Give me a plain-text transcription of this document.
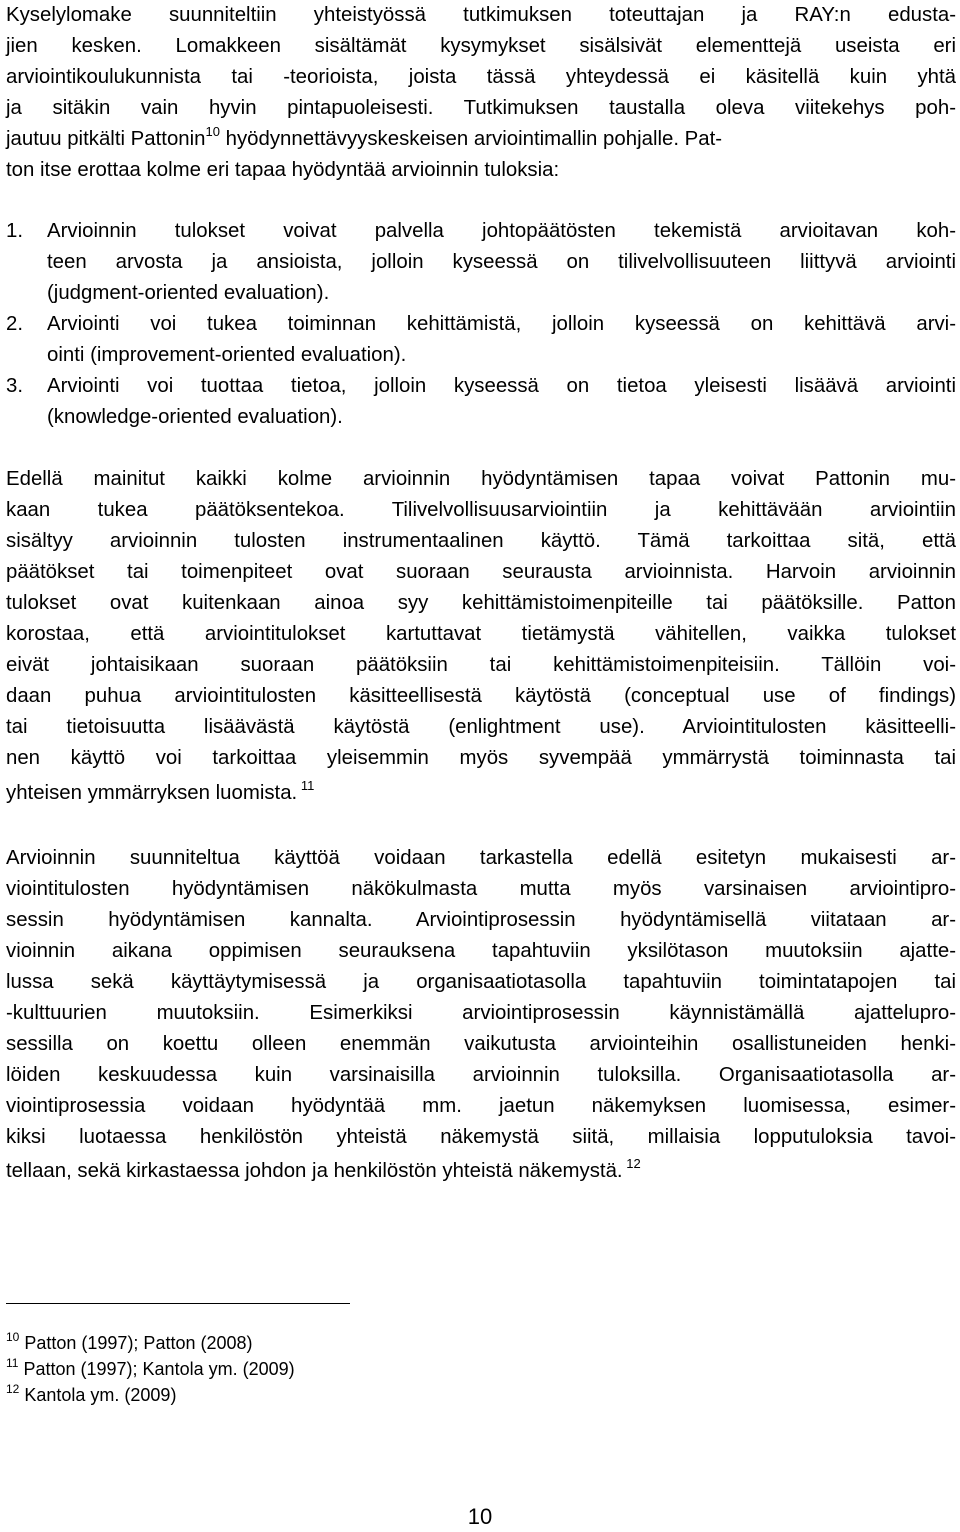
Kyselylomake suunniteltiin yhteistyössä tutkimuksen toteuttajan ja RAY:n edusta-
jien kesken. Lomakkeen sisältämät kysymykset sisälsivät elementtejä useista eri
arviointikoulukunnista tai -teorioista, joista tässä yhteydessä ei käsitellä kuin yhtä
ja sitäkin vain hyvin pintapuoleisesti. Tutkimuksen taustalla oleva viitekehys poh-
jautuu pitkälti Pattonin$^{10}$ hyödynnettävyyskeskeisen arviointimallin pohjalle. Pat-
ton itse erottaa kolme eri tapaa hyödyntää arvioinnin tuloksia:
1. Arvioinnin tulokset voivat palvella johtopäätösten tekemistä arvioitavan koh-
teen arvosta ja ansioista, jolloin kyseessä on tilivelvollisuuteen liittyvä arviointi
(judgment-oriented evaluation).
2. Arviointi voi tukea toiminnan kehittämistä, jolloin kyseessä on kehittävä arvi-
ointi (improvement-oriented evaluation).
3. Arviointi voi tuottaa tietoa, jolloin kyseessä on tietoa yleisesti lisäävä arviointi
(knowledge-oriented evaluation).
Edellä mainitut kaikki kolme arvioinnin hyödyntämisen tapaa voivat Pattonin mu-
kaan tukea päätöksentekoa. Tilivelvollisuusarviointiin ja kehittävään arviointiin
sisältyy arvioinnin tulosten instrumentaalinen käyttö. Tämä tarkoittaa sitä, että
päätökset tai toimenpiteet ovat suoraan seurausta arvioinnista. Harvoin arvioinnin
tulokset ovat kuitenkaan ainoa syy kehittämistoimenpiteille tai päätöksille. Patton
korostaa, että arviointitulokset kartuttavat tietämystä vähitellen, vaikka tulokset
eivät johtaisikaan suoraan päätöksiin tai kehittämistoimenpiteisiin. Tällöin voi-
daan puhua arviointitulosten käsitteellisestä käytöstä (conceptual use of findings)
tai tietoisuutta lisäävästä käytöstä (enlightment use). Arviointitulosten käsitteelli-
nen käyttö voi tarkoittaa yleisemmin myös syvempää ymmärrystä toiminnasta tai
yhteisen ymmärryksen luomista. $^{11}$
Arvioinnin suunniteltua käyttöä voidaan tarkastella edellä esitetyn mukaisesti ar-
viointitulosten hyödyntämisen näkökulmasta mutta myös varsinaisen arviointipro-
sessin hyödyntämisen kannalta. Arviointiprosessin hyödyntämisellä viitataan ar-
vioinnin aikana oppimisen seurauksena tapahtuviin yksilötason muutoksiin ajatte-
lussa sekä käyttäytymisessä ja organisaatiotasolla tapahtuviin toimintatapojen tai
-kulttuurien muutoksiin. Esimerkiksi arviointiprosessin käynnistämällä ajattelupro-
sessilla on koettu olleen enemmän vaikutusta arviointeihin osallistuneiden henki-
löiden keskuudessa kuin varsinaisilla arvioinnin tuloksilla. Organisaatiotasolla ar-
viointiprosessia voidaan hyödyntää mm. jaetun näkemyksen luomisessa, esimer-
kiksi luotaessa henkilöstön yhteistä näkemystä siitä, millaisia lopputuloksia tavoi-
tellaan, sekä kirkastaessa johdon ja henkilöstön yhteistä näkemystä. $^{12}$
$^{10}$ Patton (1997); Patton (2008)
$^{11}$ Patton (1997); Kantola ym. (2009)
$^{12}$ Kantola ym. (2009)
10
